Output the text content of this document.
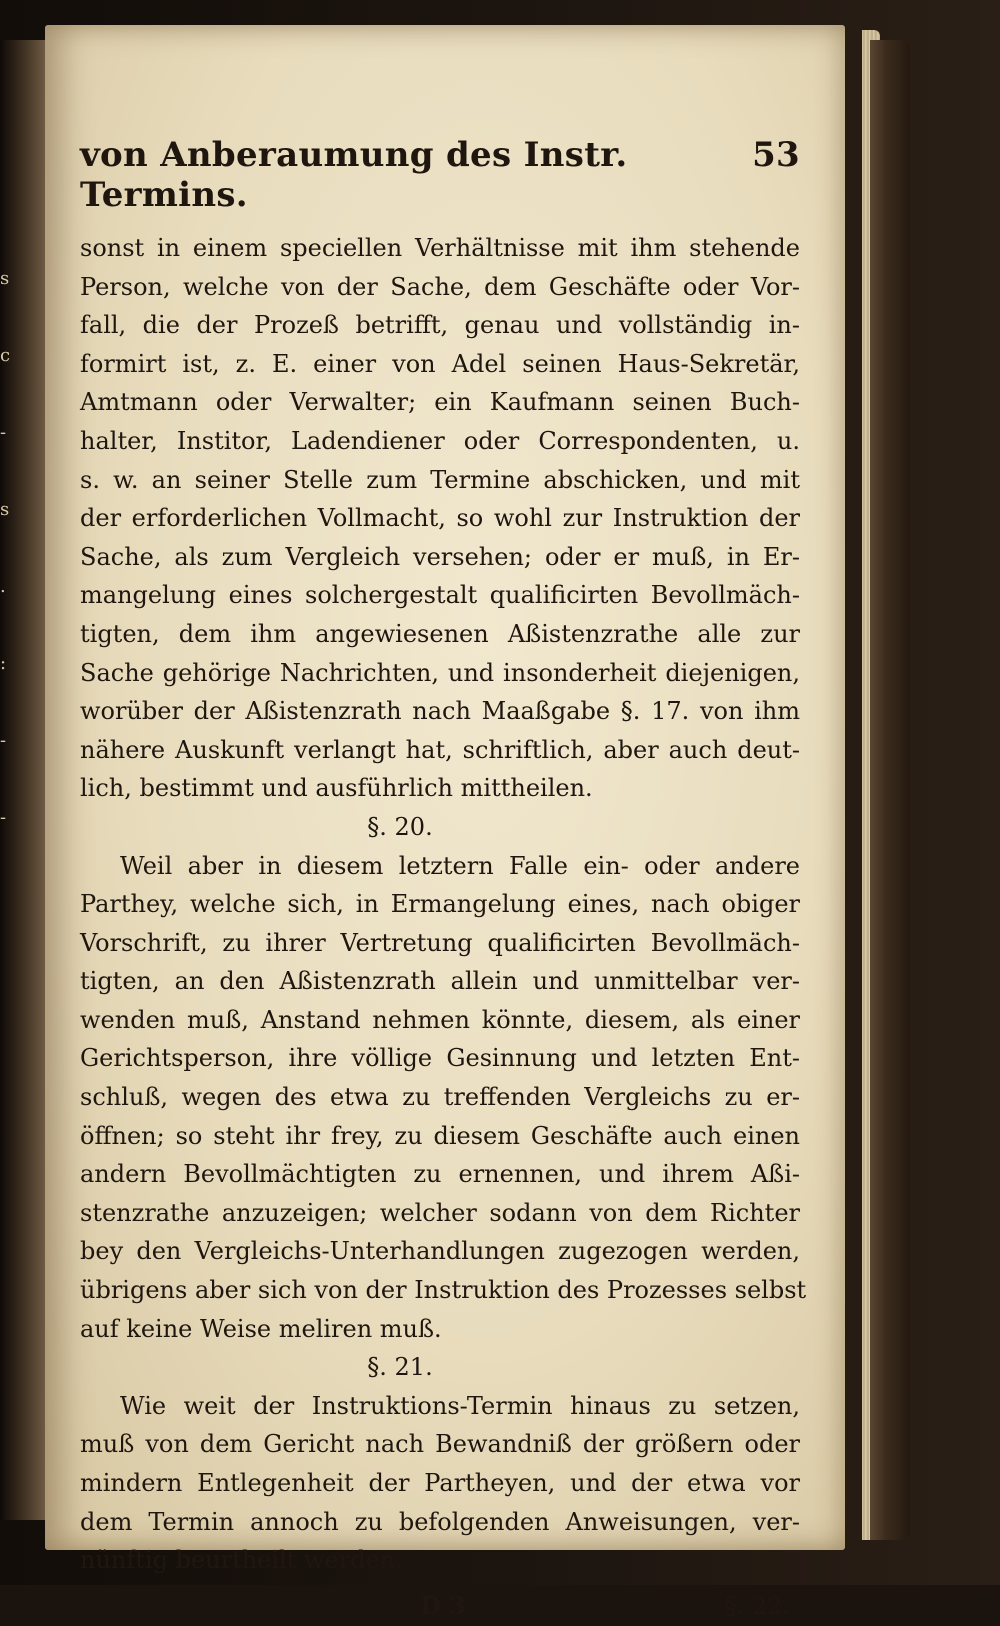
s
c
-
s
.
:
-
-
von Anberaumung des Instr. Termins.
53
sonst in einem speciellen Verhältnisse mit ihm stehende
Person, welche von der Sache, dem Geschäfte oder Vor-
fall, die der Prozeß betrifft, genau und vollständig in-
formirt ist, z. E. einer von Adel seinen Haus-Sekretär,
Amtmann oder Verwalter; ein Kaufmann seinen Buch-
halter, Institor, Ladendiener oder Correspondenten, u.
s. w. an seiner Stelle zum Termine abschicken, und mit
der erforderlichen Vollmacht, so wohl zur Instruktion der
Sache, als zum Vergleich versehen; oder er muß, in Er-
mangelung eines solchergestalt qualificirten Bevollmäch-
tigten, dem ihm angewiesenen Aßistenzrathe alle zur
Sache gehörige Nachrichten, und insonderheit diejenigen,
worüber der Aßistenzrath nach Maaßgabe §. 17. von ihm
nähere Auskunft verlangt hat, schriftlich, aber auch deut-
lich, bestimmt und ausführlich mittheilen.
§. 20.
Weil aber in diesem letztern Falle ein- oder andere
Parthey, welche sich, in Ermangelung eines, nach obiger
Vorschrift, zu ihrer Vertretung qualificirten Bevollmäch-
tigten, an den Aßistenzrath allein und unmittelbar ver-
wenden muß, Anstand nehmen könnte, diesem, als einer
Gerichtsperson, ihre völlige Gesinnung und letzten Ent-
schluß, wegen des etwa zu treffenden Vergleichs zu er-
öffnen; so steht ihr frey, zu diesem Geschäfte auch einen
andern Bevollmächtigten zu ernennen, und ihrem Aßi-
stenzrathe anzuzeigen; welcher sodann von dem Richter
bey den Vergleichs-Unterhandlungen zugezogen werden,
übrigens aber sich von der Instruktion des Prozesses selbst
auf keine Weise meliren muß.
§. 21.
Wie weit der Instruktions-Termin hinaus zu setzen,
muß von dem Gericht nach Bewandniß der größern oder
mindern Entlegenheit der Partheyen, und der etwa vor
dem Termin annoch zu befolgenden Anweisungen, ver-
nünftig beurtheilt werden.
D 3	§. 22.
